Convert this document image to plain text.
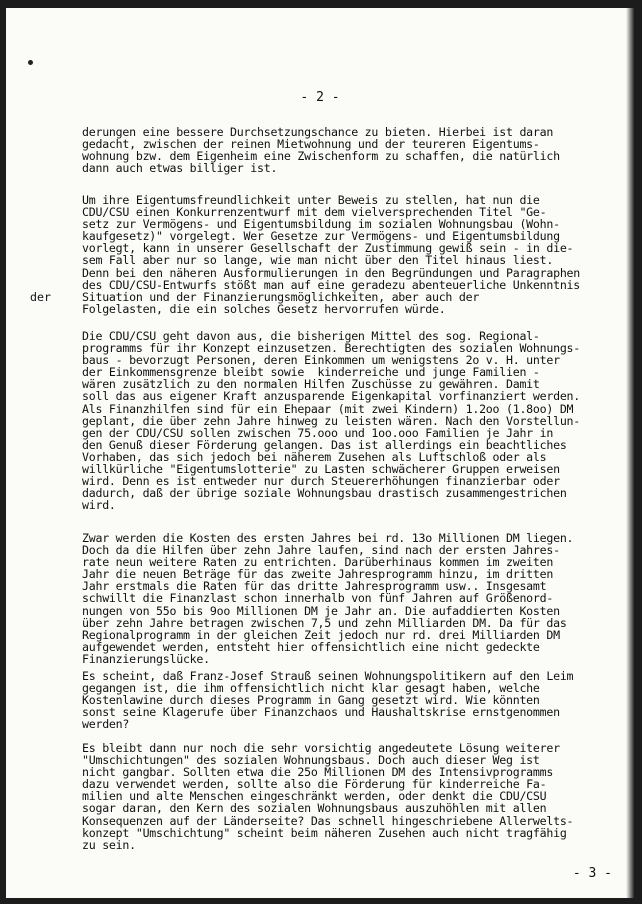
- 2 -
derungen eine bessere Durchsetzungschance zu bieten. Hierbei ist daran
gedacht, zwischen der reinen Mietwohnung und der teureren Eigentums-
wohnung bzw. dem Eigenheim eine Zwischenform zu schaffen, die natürlich
dann auch etwas billiger ist.
Um ihre Eigentumsfreundlichkeit unter Beweis zu stellen, hat nun die
CDU/CSU einen Konkurrenzentwurf mit dem vielversprechenden Titel "Ge-
setz zur Vermögens- und Eigentumsbildung im sozialen Wohnungsbau (Wohn-
kaufgesetz)" vorgelegt. Wer Gesetze zur Vermögens- und Eigentumsbildung
vorlegt, kann in unserer Gesellschaft der Zustimmung gewiß sein - in die-
sem Fall aber nur so lange, wie man nicht über den Titel hinaus liest.
Denn bei den näheren Ausformulierungen in den Begründungen und Paragraphen
des CDU/CSU-Entwurfs stößt man auf eine geradezu abenteuerliche Unkenntnis
Situation und der Finanzierungsmöglichkeiten, aber auch der
Folgelasten, die ein solches Gesetz hervorrufen würde.
der
Die CDU/CSU geht davon aus, die bisherigen Mittel des sog. Regional-
programms für ihr Konzept einzusetzen. Berechtigten des sozialen Wohnungs-
baus - bevorzugt Personen, deren Einkommen um wenigstens 2o v. H. unter
der Einkommensgrenze bleibt sowie  kinderreiche und junge Familien -
wären zusätzlich zu den normalen Hilfen Zuschüsse zu gewähren. Damit
soll das aus eigener Kraft anzusparende Eigenkapital vorfinanziert werden.
Als Finanzhilfen sind für ein Ehepaar (mit zwei Kindern) 1.2oo (1.8oo) DM
geplant, die über zehn Jahre hinweg zu leisten wären. Nach den Vorstellun-
gen der CDU/CSU sollen zwischen 75.ooo und 1oo.ooo Familien je Jahr in
den Genuß dieser Förderung gelangen. Das ist allerdings ein beachtliches
Vorhaben, das sich jedoch bei näherem Zusehen als Luftschloß oder als
willkürliche "Eigentumslotterie" zu Lasten schwächerer Gruppen erweisen
wird. Denn es ist entweder nur durch Steuererhöhungen finanzierbar oder
dadurch, daß der übrige soziale Wohnungsbau drastisch zusammengestrichen
wird.
Zwar werden die Kosten des ersten Jahres bei rd. 13o Millionen DM liegen.
Doch da die Hilfen über zehn Jahre laufen, sind nach der ersten Jahres-
rate neun weitere Raten zu entrichten. Darüberhinaus kommen im zweiten
Jahr die neuen Beträge für das zweite Jahresprogramm hinzu, im dritten
Jahr erstmals die Raten für das dritte Jahresprogramm usw.. Insgesamt
schwillt die Finanzlast schon innerhalb von fünf Jahren auf Größenord-
nungen von 55o bis 9oo Millionen DM je Jahr an. Die aufaddierten Kosten
über zehn Jahre betragen zwischen 7,5 und zehn Milliarden DM. Da für das
Regionalprogramm in der gleichen Zeit jedoch nur rd. drei Milliarden DM
aufgewendet werden, entsteht hier offensichtlich eine nicht gedeckte
Finanzierungslücke.
Es scheint, daß Franz-Josef Strauß seinen Wohnungspolitikern auf den Leim
gegangen ist, die ihm offensichtlich nicht klar gesagt haben, welche
Kostenlawine durch dieses Programm in Gang gesetzt wird. Wie könnten
sonst seine Klagerufe über Finanzchaos und Haushaltskrise ernstgenommen
werden?
Es bleibt dann nur noch die sehr vorsichtig angedeutete Lösung weiterer
"Umschichtungen" des sozialen Wohnungsbaus. Doch auch dieser Weg ist
nicht gangbar. Sollten etwa die 25o Millionen DM des Intensivprogramms
dazu verwendet werden, sollte also die Förderung für kinderreiche Fa-
milien und alte Menschen eingeschränkt werden, oder denkt die CDU/CSU
sogar daran, den Kern des sozialen Wohnungsbaus auszuhöhlen mit allen
Konsequenzen auf der Länderseite? Das schnell hingeschriebene Allerwelts-
konzept "Umschichtung" scheint beim näheren Zusehen auch nicht tragfähig
zu sein.
- 3 -
